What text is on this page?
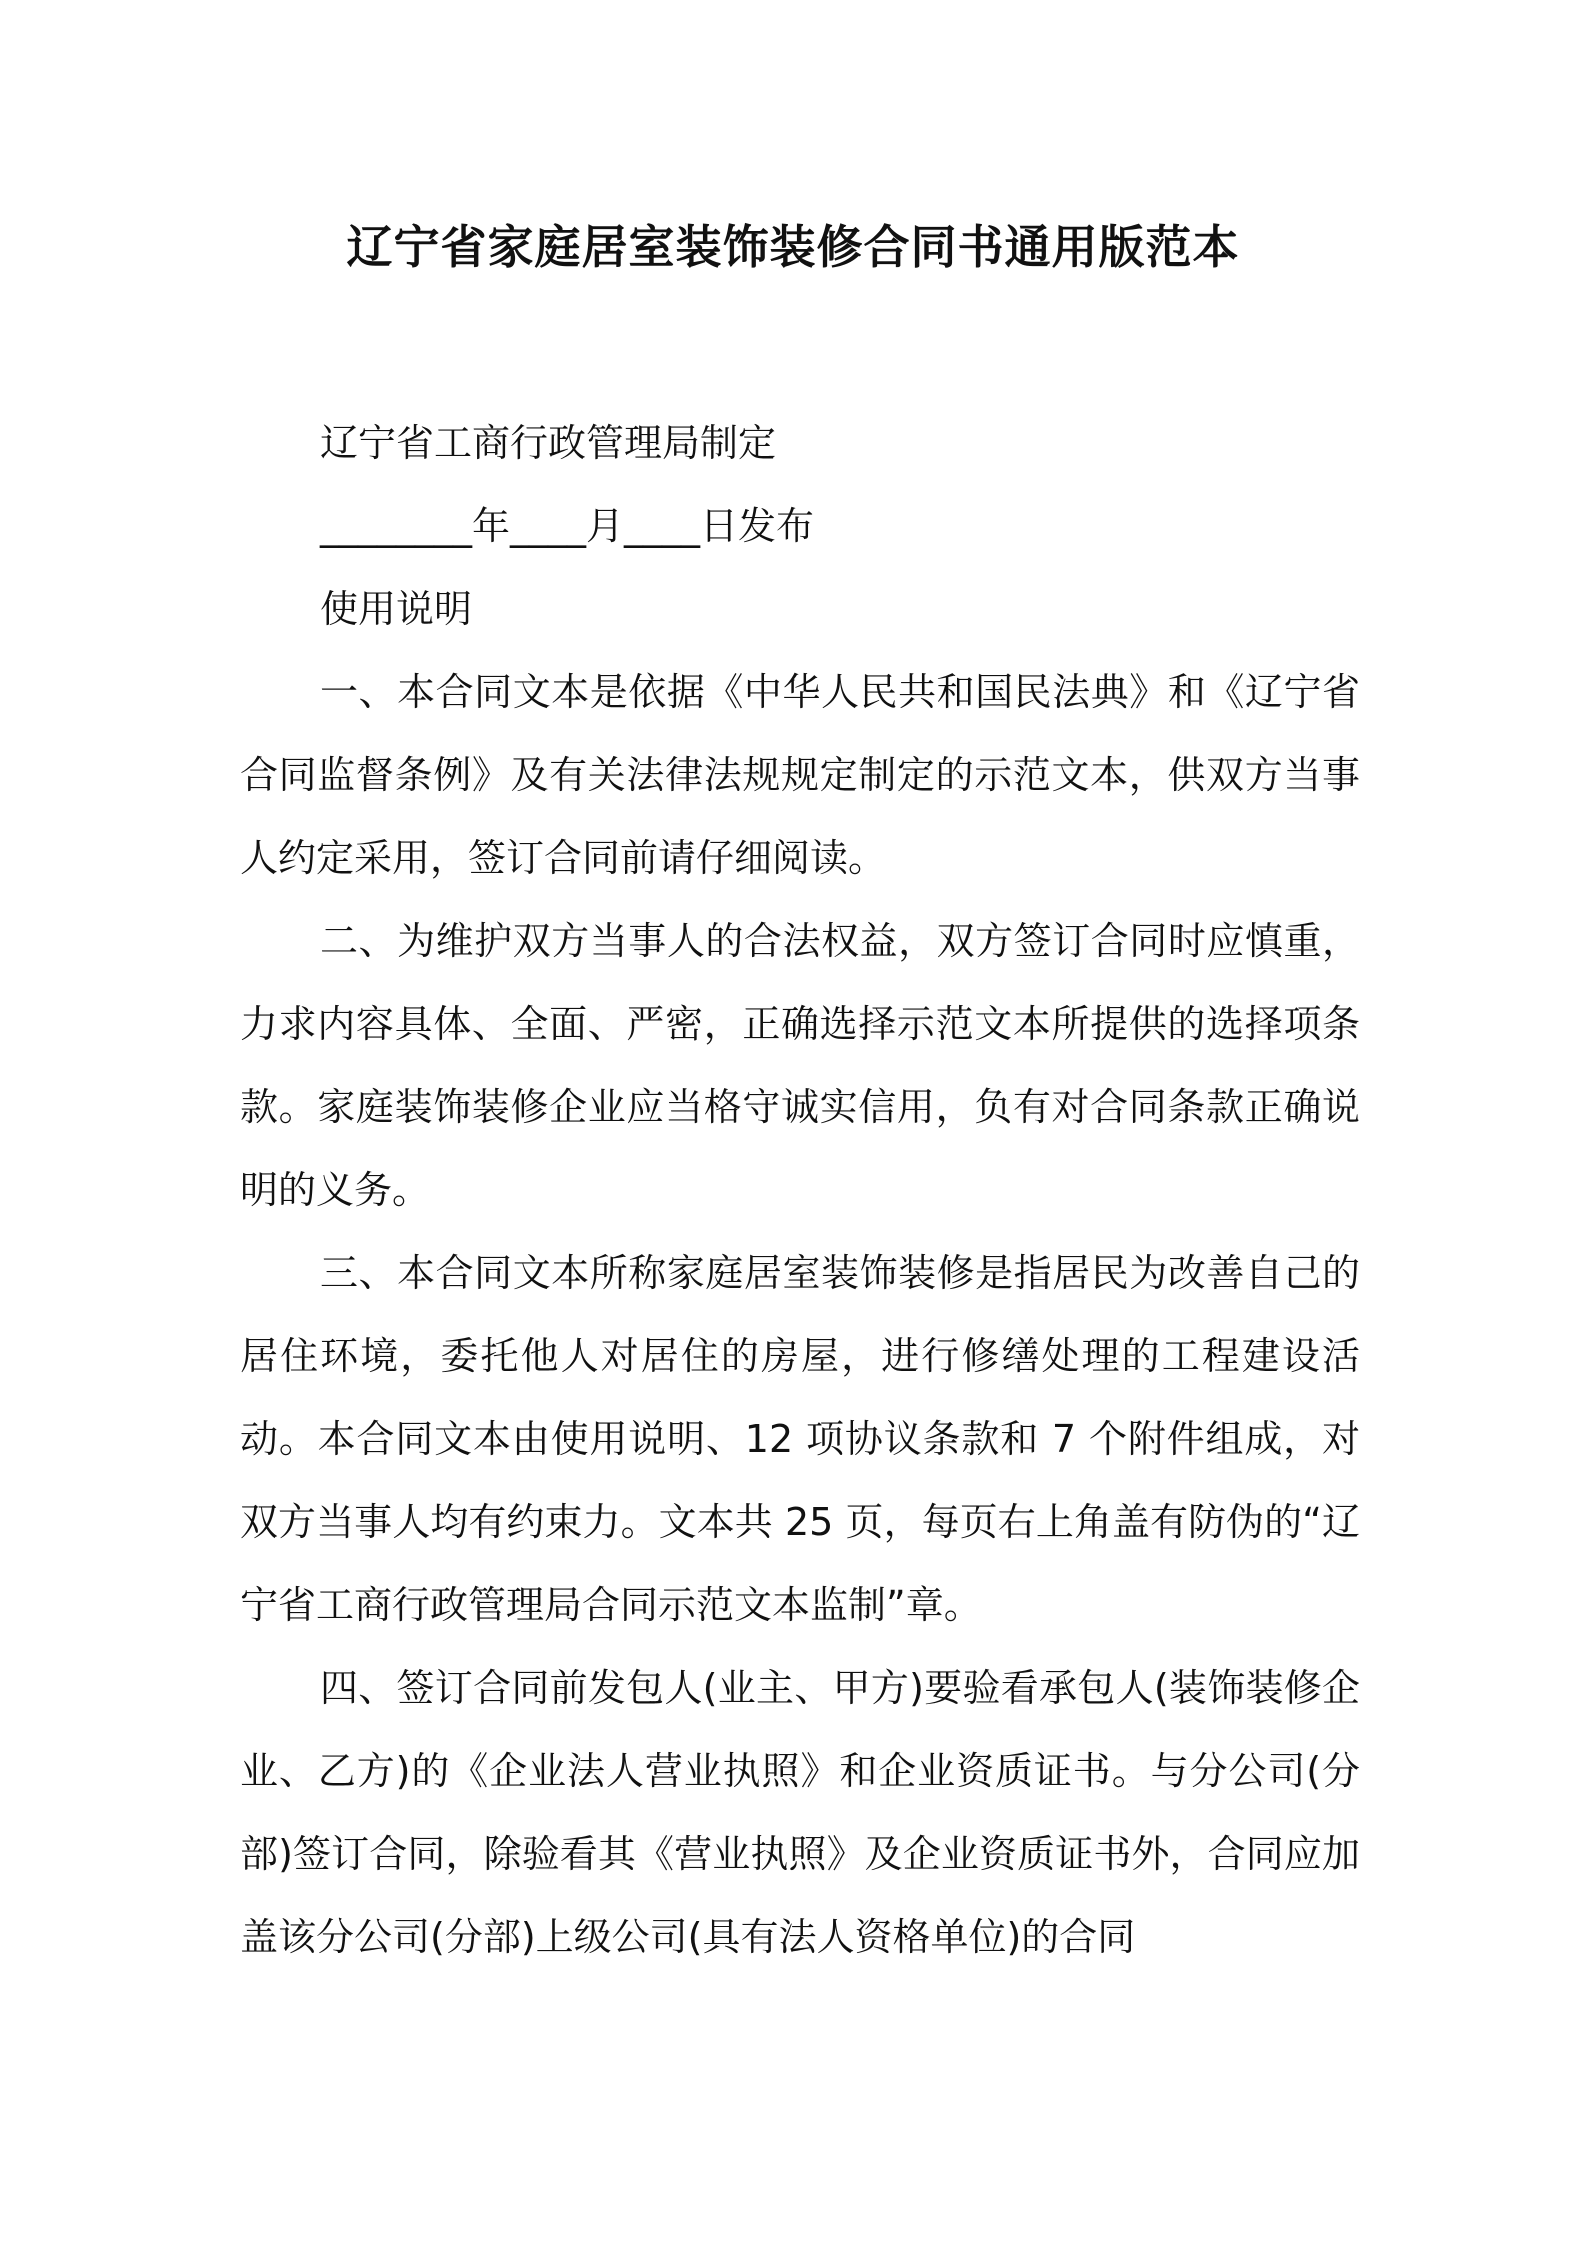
辽宁省家庭居室装饰装修合同书通用版范本

辽宁省工商行政管理局制定

________年____月____日发布

使用说明

一、本合同文本是依据《中华人民共和国民法典》和《辽宁省合同监督条例》及有关法律法规规定制定的示范文本，供双方当事人约定采用，签订合同前请仔细阅读。

二、为维护双方当事人的合法权益，双方签订合同时应慎重，力求内容具体、全面、严密，正确选择示范文本所提供的选择项条款。家庭装饰装修企业应当格守诚实信用，负有对合同条款正确说明的义务。

三、本合同文本所称家庭居室装饰装修是指居民为改善自己的居住环境，委托他人对居住的房屋，进行修缮处理的工程建设活动。本合同文本由使用说明、12 项协议条款和 7 个附件组成，对双方当事人均有约束力。文本共 25 页，每页右上角盖有防伪的“辽宁省工商行政管理局合同示范文本监制”章。

四、签订合同前发包人(业主、甲方)要验看承包人(装饰装修企业、乙方)的《企业法人营业执照》和企业资质证书。与分公司(分部)签订合同，除验看其《营业执照》及企业资质证书外，合同应加盖该分公司(分部)上级公司(具有法人资格单位)的合同
